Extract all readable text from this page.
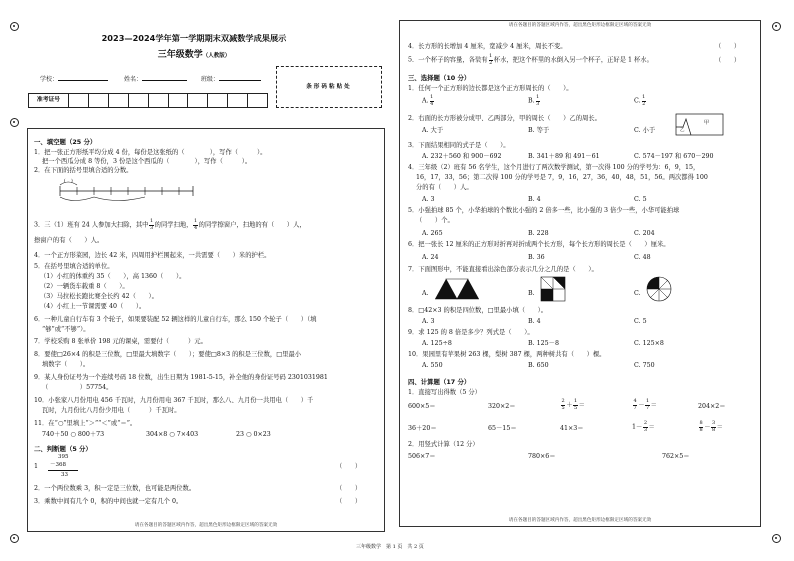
2023—2024学年第一学期期末双减数学成果展示
三年级数学（人教版）
学校：	姓名：	班级：
准考证号
条形码粘贴处
一、填空题（25 分）
1．把一张正方形纸平均分成 4 份，每份是这张纸的（　　　　），写作（　　　）。
把一个西瓜分成 8 等份，3 份是这个西瓜的（　　　　），写作（　　　）。
2．在下面的括号里填合适的分数。
( )
3．三（1）班有 24 人参加大扫除，其中 $\frac{1}{3}$ 的同学扫地， $\frac{1}{4}$ 的同学擦窗户，扫地的有（　　）人，
擦窗户的有（　　）人。
4．一个正方形菜园，边长 42 米，四周用护栏围起来，一共需要（　　）米的护栏。
5．在括号里填合适的单位。
（1）小红的体重约 35（　　），高 1360（　　）。
（2）一辆货车载重 8（　　）。
（3）马拉松长跑比赛全长约 42（　　）。
（4）小红上一节课需要 40（　　）。
6．一种儿童自行车有 3 个轮子，如果要装配 52 辆这样的儿童自行车，那么 150 个轮子（　　）（填
“够”或“不够”）。
7．学校采购 8 张单价 198 元的课桌，需要付（　　　）元。
8．要使□26×4 的积是三位数，□里最大填数字（　　）；要使□8×3 的积是三位数，□里最小
填数字（　　）。
9．某人身份证号为一个连续号码 18 位数，出生日期为 1981-5-15，补全他的身份证号码 2301031981
（　　　　　）57754。
10．小张家八月份用电 456 千瓦时，九月份用电 367 千瓦时，那么八、九月份一共用电（　　）千
瓦时，九月份比八月份少用电（　　　）千瓦时。
11．在“○”里填上“＞”“＜”或“＝”。
740＋50 ○ 800＋73	304×8 ○ 7×403	23 ○ 0×23
二、判断题（5 分）
1
395
－368
33
（　　）
2．一个两位数乘 3，积一定是三位数，也可能是两位数。	（　　）
3．乘数中间有几个 0，积的中间也就一定有几个 0。	（　　）
请在各题目的答题区域内作答，超出黑色矩形边框限定区域的答案无效
请在各题目的答题区域内作答，超出黑色矩形边框限定区域的答案无效
4．长方形的长增加 4 厘米，宽减少 4 厘米，周长不变。	（　　）
5．一个杯子的容量，各装有 $\frac{1}{2}$ 杯水，把这个杯里的水倒入另一个杯子，正好是 1 杯水。	（　　）
三、选择题（10 分）
1．任何一个正方形的边长都是这个正方形周长的（　　）。
A. $\frac{1}{4}$	B. $\frac{1}{3}$	C. $\frac{1}{2}$
2．右面的长方形被分成甲、乙两部分，甲的周长（　　）乙的周长。
A. 大于	B. 等于	C. 小于
甲
乙
3．下面结果相同的式子是（　　）。
A. 232＋560 和 900－692	B. 341＋89 和 491－61	C. 574－197 和 670－290
4．三年级（2）班有 56 名学生，这个月进行了两次数学测试，第一次得 100 分的学号为：6，9，15，
16，17，33，56；第二次得 100 分的学号是 7，9，16，27，36，40，48，51，56。两次都得 100
分的有（　　）人。
A. 3	B. 4	C. 5
5．小强拍球 85 个，小华拍球的个数比小强的 2 倍多一些，比小强的 3 倍少一些，小华可能拍球
（　　）个。
A. 265	B. 228	C. 204
6．把一张长 12 厘米的正方形对折再对折成两个长方形，每个长方形的周长是（　　）厘米。
A. 24	B. 36	C. 48
7．下面图形中，不能直接看出涂色部分表示几分之几的是（　　）。
A.	B.	C.
8．□42×3 的积是四位数，□里最小填（　　）。
A. 3	B. 4	C. 5
9．求 125 的 8 倍是多少？列式是（　　）。
A. 125÷8	B. 125－8	C. 125×8
10．果园里有苹果树 263 棵，梨树 387 棵，两种树共有（　　）棵。
A. 550	B. 650	C. 750
四、计算题（17 分）
1．直接写出得数（5 分）
600×5＝	320×2＝	$\frac{2}{5} + \frac{1}{5}$ ＝	$\frac{4}{7} - \frac{1}{7}$ ＝	204×2＝
36＋20＝	65－15＝	41×3＝	$1- \frac{2}{3}$ ＝	$\frac{8}{8} - \frac{3}{8}$ ＝
2．用竖式计算（12 分）
506×7＝	780×6＝	762×5＝
请在各题目的答题区域内作答，超出黑色矩形边框限定区域的答案无效
三年级数学　 第 1 页　 共 2 页
